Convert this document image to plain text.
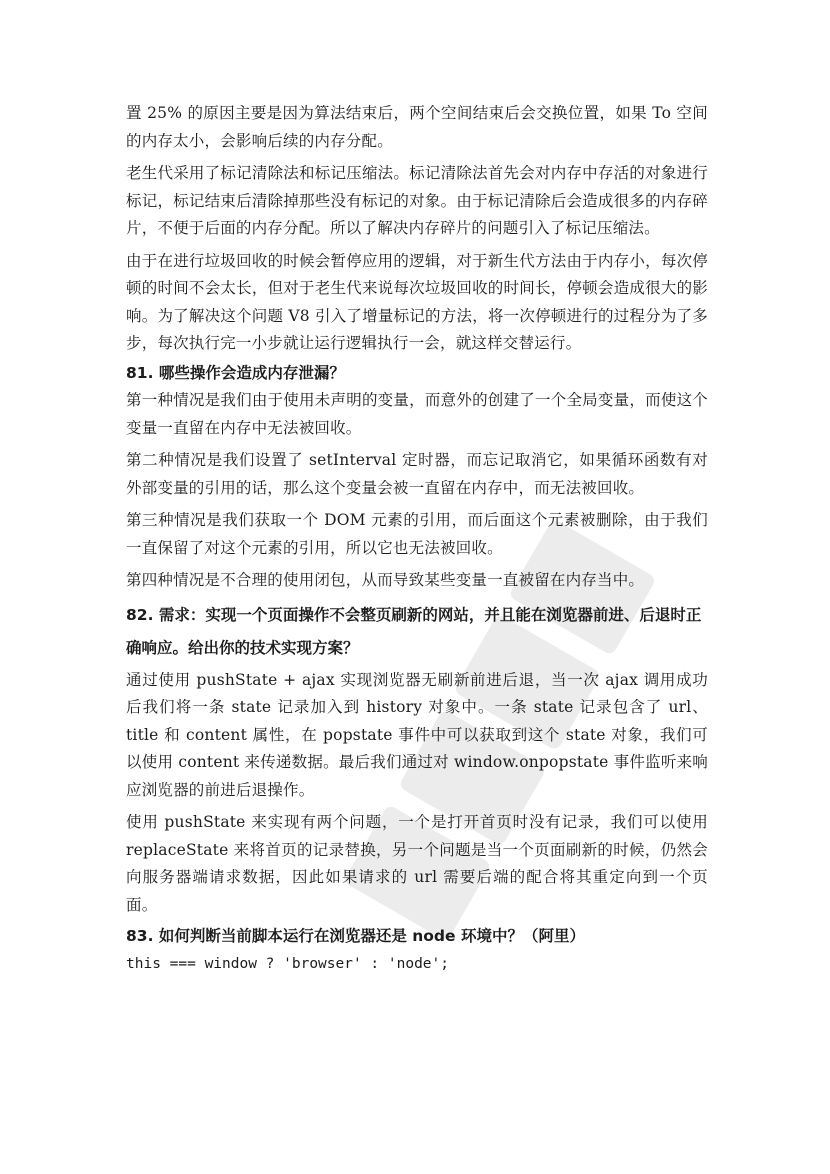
置 25% 的原因主要是因为算法结束后，两个空间结束后会交换位置，如果 To 空间的内存太小，会影响后续的内存分配。

老生代采用了标记清除法和标记压缩法。标记清除法首先会对内存中存活的对象进行标记，标记结束后清除掉那些没有标记的对象。由于标记清除后会造成很多的内存碎片，不便于后面的内存分配。所以了解决内存碎片的问题引入了标记压缩法。

由于在进行垃圾回收的时候会暂停应用的逻辑，对于新生代方法由于内存小，每次停顿的时间不会太长，但对于老生代来说每次垃圾回收的时间长，停顿会造成很大的影响。为了解决这个问题 V8 引入了增量标记的方法，将一次停顿进行的过程分为了多步，每次执行完一小步就让运行逻辑执行一会，就这样交替运行。

81. 哪些操作会造成内存泄漏？

第一种情况是我们由于使用未声明的变量，而意外的创建了一个全局变量，而使这个变量一直留在内存中无法被回收。

第二种情况是我们设置了 setInterval 定时器，而忘记取消它，如果循环函数有对外部变量的引用的话，那么这个变量会被一直留在内存中，而无法被回收。

第三种情况是我们获取一个 DOM 元素的引用，而后面这个元素被删除，由于我们一直保留了对这个元素的引用，所以它也无法被回收。

第四种情况是不合理的使用闭包，从而导致某些变量一直被留在内存当中。

82. 需求：实现一个页面操作不会整页刷新的网站，并且能在浏览器前进、后退时正确响应。给出你的技术实现方案？

通过使用 pushState + ajax 实现浏览器无刷新前进后退，当一次 ajax 调用成功后我们将一条 state 记录加入到 history 对象中。一条 state 记录包含了 url、title 和 content 属性，在 popstate 事件中可以获取到这个 state 对象，我们可以使用 content 来传递数据。最后我们通过对 window.onpopstate 事件监听来响应浏览器的前进后退操作。

使用 pushState 来实现有两个问题，一个是打开首页时没有记录，我们可以使用 replaceState 来将首页的记录替换，另一个问题是当一个页面刷新的时候，仍然会向服务器端请求数据，因此如果请求的 url 需要后端的配合将其重定向到一个页面。

83. 如何判断当前脚本运行在浏览器还是 node 环境中？（阿里）
this === window ? 'browser' : 'node';
